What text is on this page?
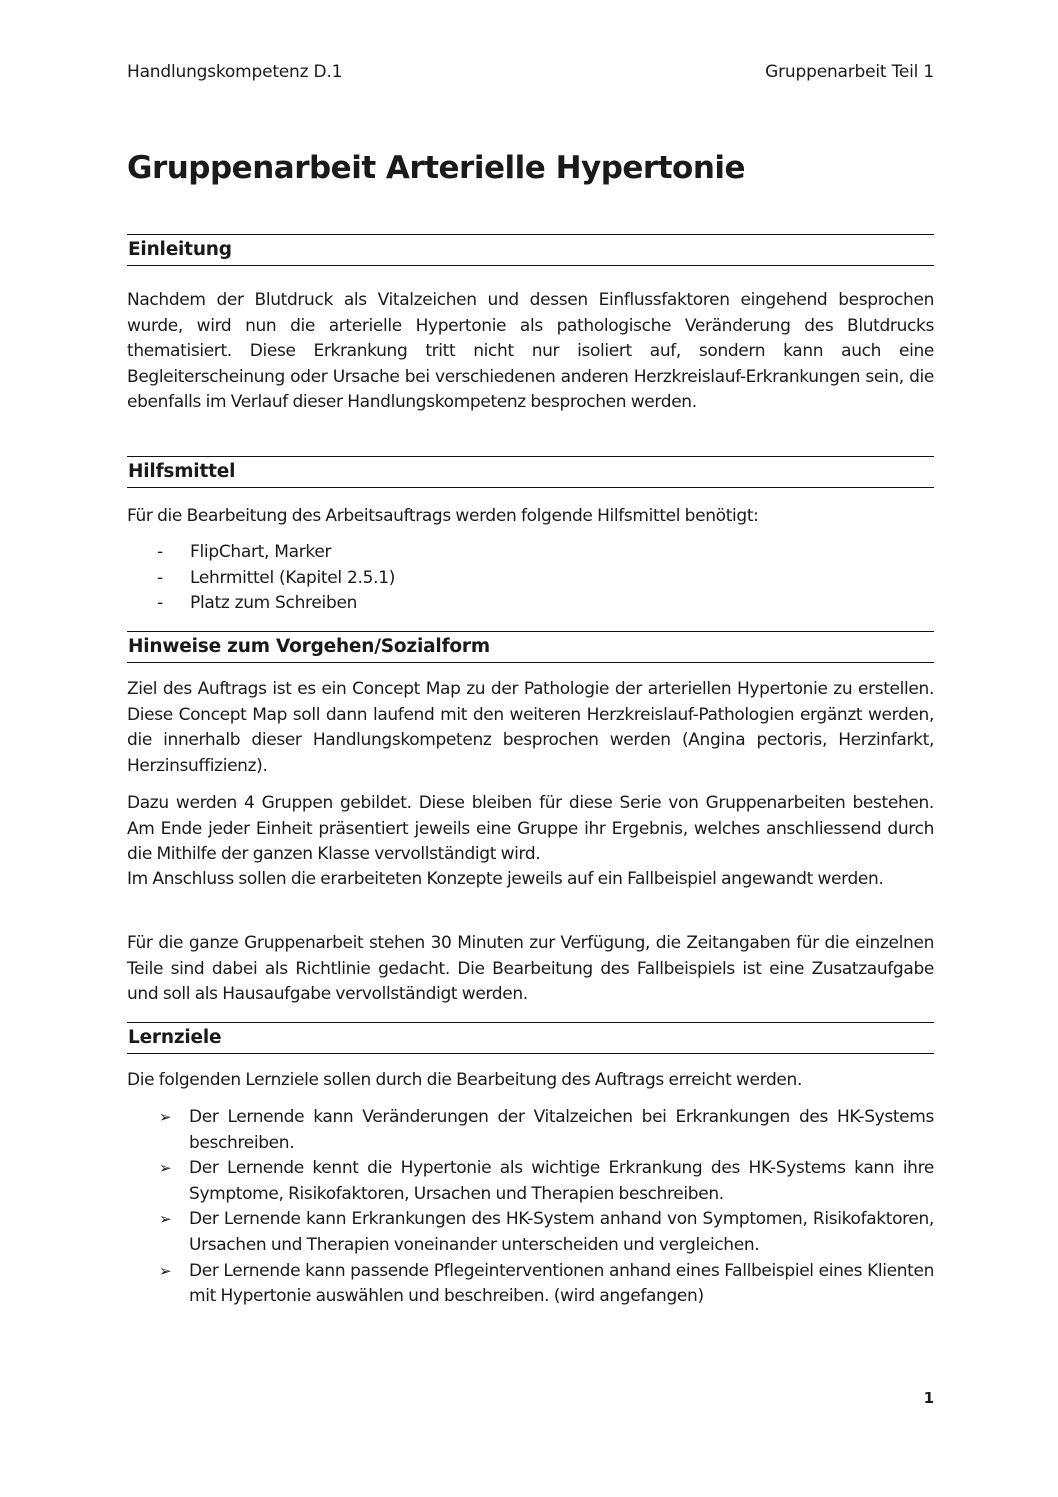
Handlungskompetenz D.1	Gruppenarbeit Teil 1
Gruppenarbeit Arterielle Hypertonie
Einleitung

Nachdem der Blutdruck als Vitalzeichen und dessen Einflussfaktoren eingehend besprochen wurde, wird nun die arterielle Hypertonie als pathologische Veränderung des Blutdrucks thematisiert. Diese Erkrankung tritt nicht nur isoliert auf, sondern kann auch eine Begleiterscheinung oder Ursache bei verschiedenen anderen Herzkreislauf-Erkrankungen sein, die ebenfalls im Verlauf dieser Handlungskompetenz besprochen werden.

Hilfsmittel

Für die Bearbeitung des Arbeitsauftrags werden folgende Hilfsmittel benötigt:

- FlipChart, Marker
- Lehrmittel (Kapitel 2.5.1)
- Platz zum Schreiben
Hinweise zum Vorgehen/Sozialform

Ziel des Auftrags ist es ein Concept Map zu der Pathologie der arteriellen Hypertonie zu erstellen. Diese Concept Map soll dann laufend mit den weiteren Herzkreislauf-Pathologien ergänzt werden, die innerhalb dieser Handlungskompetenz besprochen werden (Angina pectoris, Herzinfarkt, Herzinsuffizienz).

Dazu werden 4 Gruppen gebildet. Diese bleiben für diese Serie von Gruppenarbeiten bestehen. Am Ende jeder Einheit präsentiert jeweils eine Gruppe ihr Ergebnis, welches anschliessend durch die Mithilfe der ganzen Klasse vervollständigt wird.

Im Anschluss sollen die erarbeiteten Konzepte jeweils auf ein Fallbeispiel angewandt werden.

Für die ganze Gruppenarbeit stehen 30 Minuten zur Verfügung, die Zeitangaben für die einzelnen Teile sind dabei als Richtlinie gedacht. Die Bearbeitung des Fallbeispiels ist eine Zusatzaufgabe und soll als Hausaufgabe vervollständigt werden.

Lernziele

Die folgenden Lernziele sollen durch die Bearbeitung des Auftrags erreicht werden.

➢ Der Lernende kann Veränderungen der Vitalzeichen bei Erkrankungen des HK-Systems beschreiben.
➢ Der Lernende kennt die Hypertonie als wichtige Erkrankung des HK-Systems kann ihre Symptome, Risikofaktoren, Ursachen und Therapien beschreiben.
➢ Der Lernende kann Erkrankungen des HK-System anhand von Symptomen, Risikofaktoren, Ursachen und Therapien voneinander unterscheiden und vergleichen.
➢ Der Lernende kann passende Pflegeinterventionen anhand eines Fallbeispiel eines Klienten mit Hypertonie auswählen und beschreiben. (wird angefangen)
1
